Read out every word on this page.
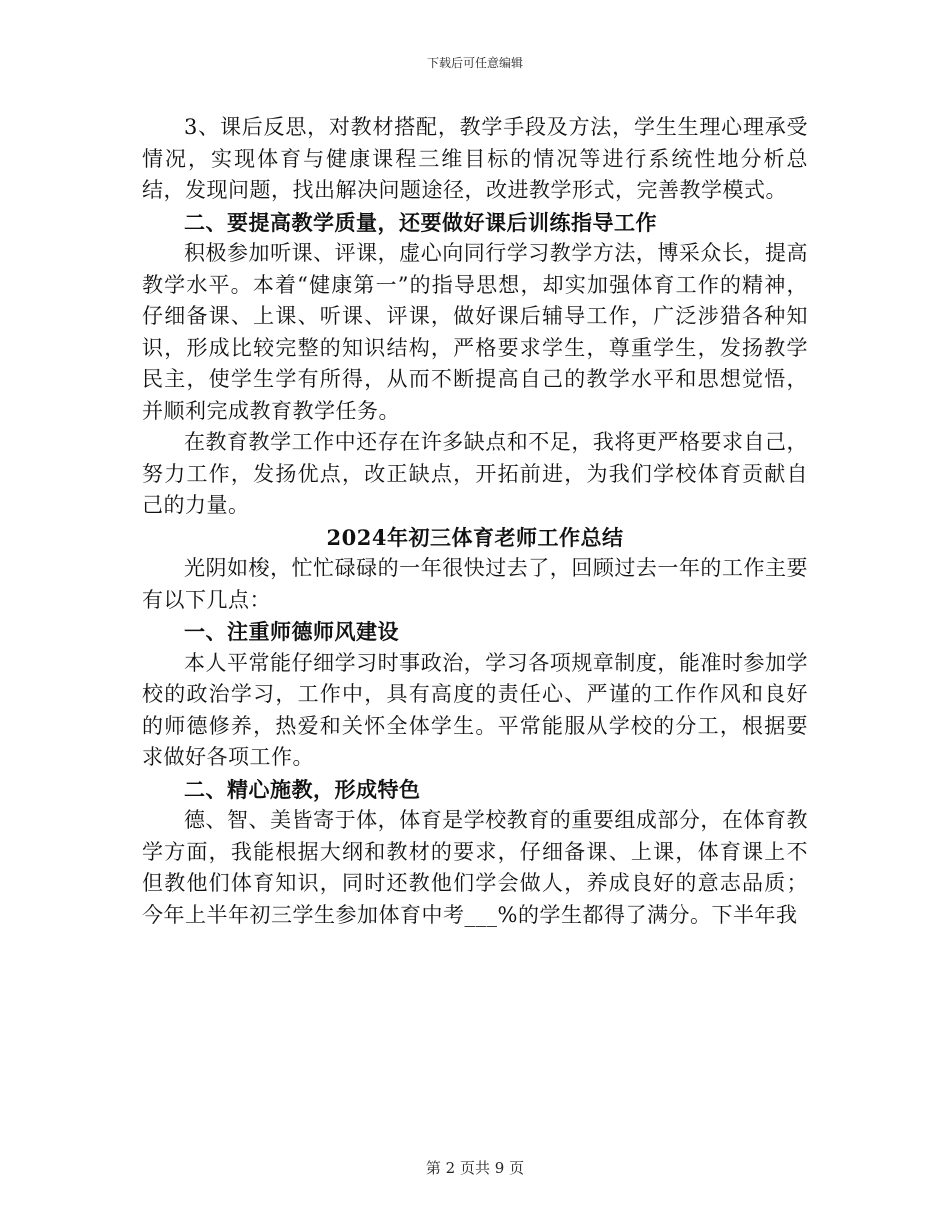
下载后可任意编辑

3、课后反思，对教材搭配，教学手段及方法，学生生理心理承受情况，实现体育与健康课程三维目标的情况等进行系统性地分析总结，发现问题，找出解决问题途径，改进教学形式，完善教学模式。

二、要提高教学质量，还要做好课后训练指导工作

积极参加听课、评课，虚心向同行学习教学方法，博采众长，提高教学水平。本着“健康第一”的指导思想，却实加强体育工作的精神，仔细备课、上课、听课、评课，做好课后辅导工作，广泛涉猎各种知识，形成比较完整的知识结构，严格要求学生，尊重学生，发扬教学民主，使学生学有所得，从而不断提高自己的教学水平和思想觉悟，并顺利完成教育教学任务。

在教育教学工作中还存在许多缺点和不足，我将更严格要求自己，努力工作，发扬优点，改正缺点，开拓前进，为我们学校体育贡献自己的力量。

2024年初三体育老师工作总结

光阴如梭，忙忙碌碌的一年很快过去了，回顾过去一年的工作主要有以下几点：

一、注重师德师风建设

本人平常能仔细学习时事政治，学习各项规章制度，能准时参加学校的政治学习，工作中，具有高度的责任心、严谨的工作作风和良好的师德修养，热爱和关怀全体学生。平常能服从学校的分工，根据要求做好各项工作。

二、精心施教，形成特色

德、智、美皆寄于体，体育是学校教育的重要组成部分，在体育教学方面，我能根据大纲和教材的要求，仔细备课、上课，体育课上不但教他们体育知识，同时还教他们学会做人，养成良好的意志品质；今年上半年初三学生参加体育中考___%的学生都得了满分。下半年我

第 2 页共 9 页
